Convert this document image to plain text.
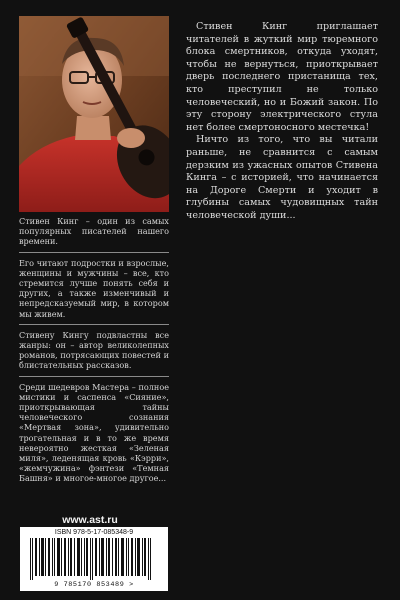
Стивен Кинг – один из самых популярных писателей нашего времени.

Его читают подростки и взрослые, женщины и мужчины – все, кто стремится лучше понять себя и других, а также изменчивый и непредсказуемый мир, в котором мы живем.

Стивену Кингу подвластны все жанры: он – автор великолепных романов, потрясающих повестей и блистательных рассказов.

Среди шедевров Мастера – полное мистики и саспенса «Сияние», приоткрывающая тайны человеческого сознания «Мертвая зона», удивительно трогательная и в то же время невероятно жесткая «Зеленая миля», леденящая кровь «Кэрри», «жемчужина» фэнтези «Темная Башня» и многое-многое другое...

Стивен Кинг приглашает читателей в жуткий мир тюремного блока смертников, откуда уходят, чтобы не вернуться, приоткрывает дверь последнего пристанища тех, кто преступил не только человеческий, но и Божий закон. По эту сторону электрического стула нет более смертоносного местечка!

Ничто из того, что вы читали раньше, не сравнится с самым дерзким из ужасных опытов Стивена Кинга – с историей, что начинается на Дороге Смерти и уходит в глубины самых чудовищных тайн человеческой души...

www.ast.ru
ISBN 978-5-17-085348-9
9 785170 853489 >
